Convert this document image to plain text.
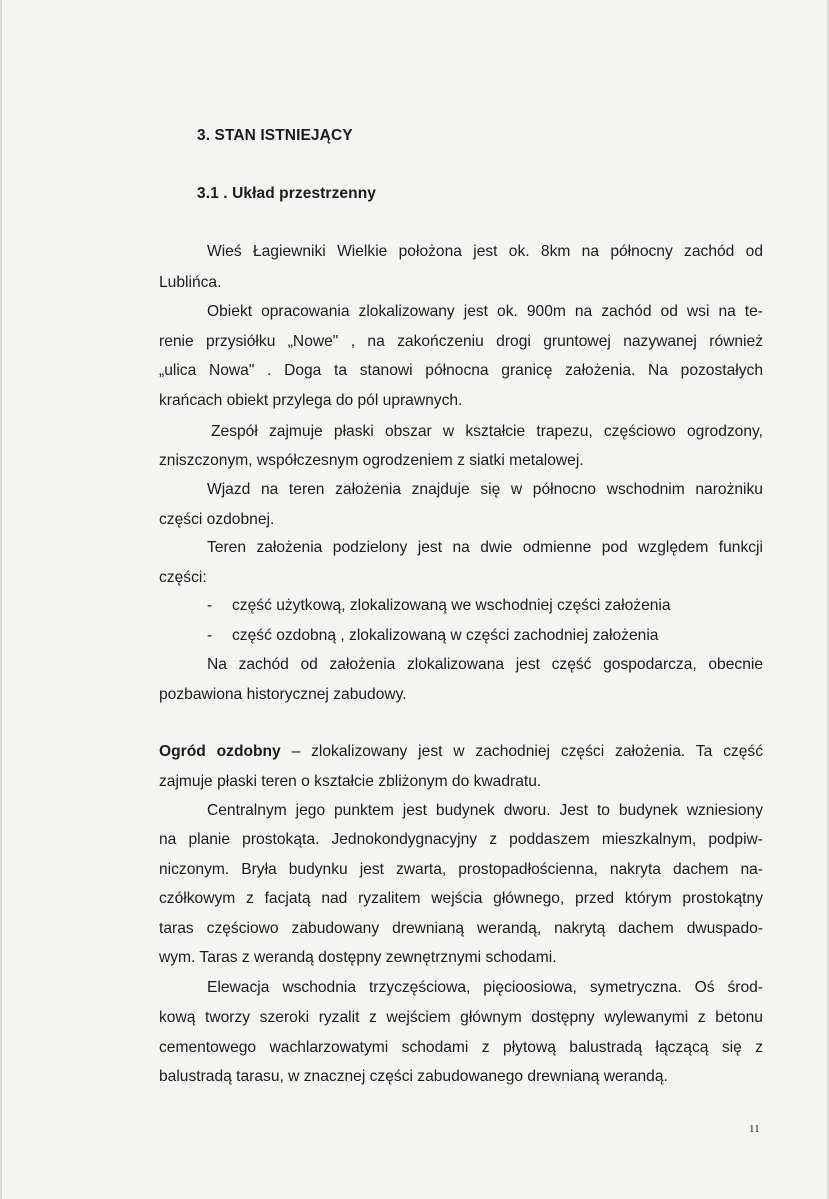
3. STAN ISTNIEJĄCY
3.1 . Układ przestrzenny

Wieś Łagiewniki Wielkie położona jest ok. 8km na północny zachód od

Lublińca.

Obiekt opracowania zlokalizowany jest ok. 900m na zachód od wsi na te-

renie przysiółku „Nowe" , na zakończeniu drogi gruntowej nazywanej również

„ulica Nowa" . Doga ta stanowi północna granicę założenia. Na pozostałych

krańcach obiekt przylega do pól uprawnych.

Zespół zajmuje płaski obszar w kształcie trapezu, częściowo ogrodzony,

zniszczonym, współczesnym ogrodzeniem z siatki metalowej.

Wjazd na teren założenia znajduje się w północno wschodnim narożniku

części ozdobnej.

Teren założenia podzielony jest na dwie odmienne pod względem funkcji

części:

- część użytkową, zlokalizowaną we wschodniej części założenia
- część ozdobną , zlokalizowaną w części zachodniej założenia

Na zachód od założenia zlokalizowana jest część gospodarcza, obecnie

pozbawiona historycznej zabudowy.

Ogród ozdobny – zlokalizowany jest w zachodniej części założenia. Ta część

zajmuje płaski teren o kształcie zbliżonym do kwadratu.

Centralnym jego punktem jest budynek dworu. Jest to budynek wzniesiony

na planie prostokąta. Jednokondygnacyjny z poddaszem mieszkalnym, podpiw-

niczonym. Bryła budynku jest zwarta, prostopadłościenna, nakryta dachem na-

czółkowym z facjatą nad ryzalitem wejścia głównego, przed którym prostokątny

taras częściowo zabudowany drewnianą werandą, nakrytą dachem dwuspado-

wym. Taras z werandą dostępny zewnętrznymi schodami.

Elewacja wschodnia trzyczęściowa, pięcioosiowa, symetryczna. Oś środ-

kową tworzy szeroki ryzalit z wejściem głównym dostępny wylewanymi z betonu

cementowego wachlarzowatymi schodami z płytową balustradą łączącą się z

balustradą tarasu, w znacznej części zabudowanego drewnianą werandą.

11
